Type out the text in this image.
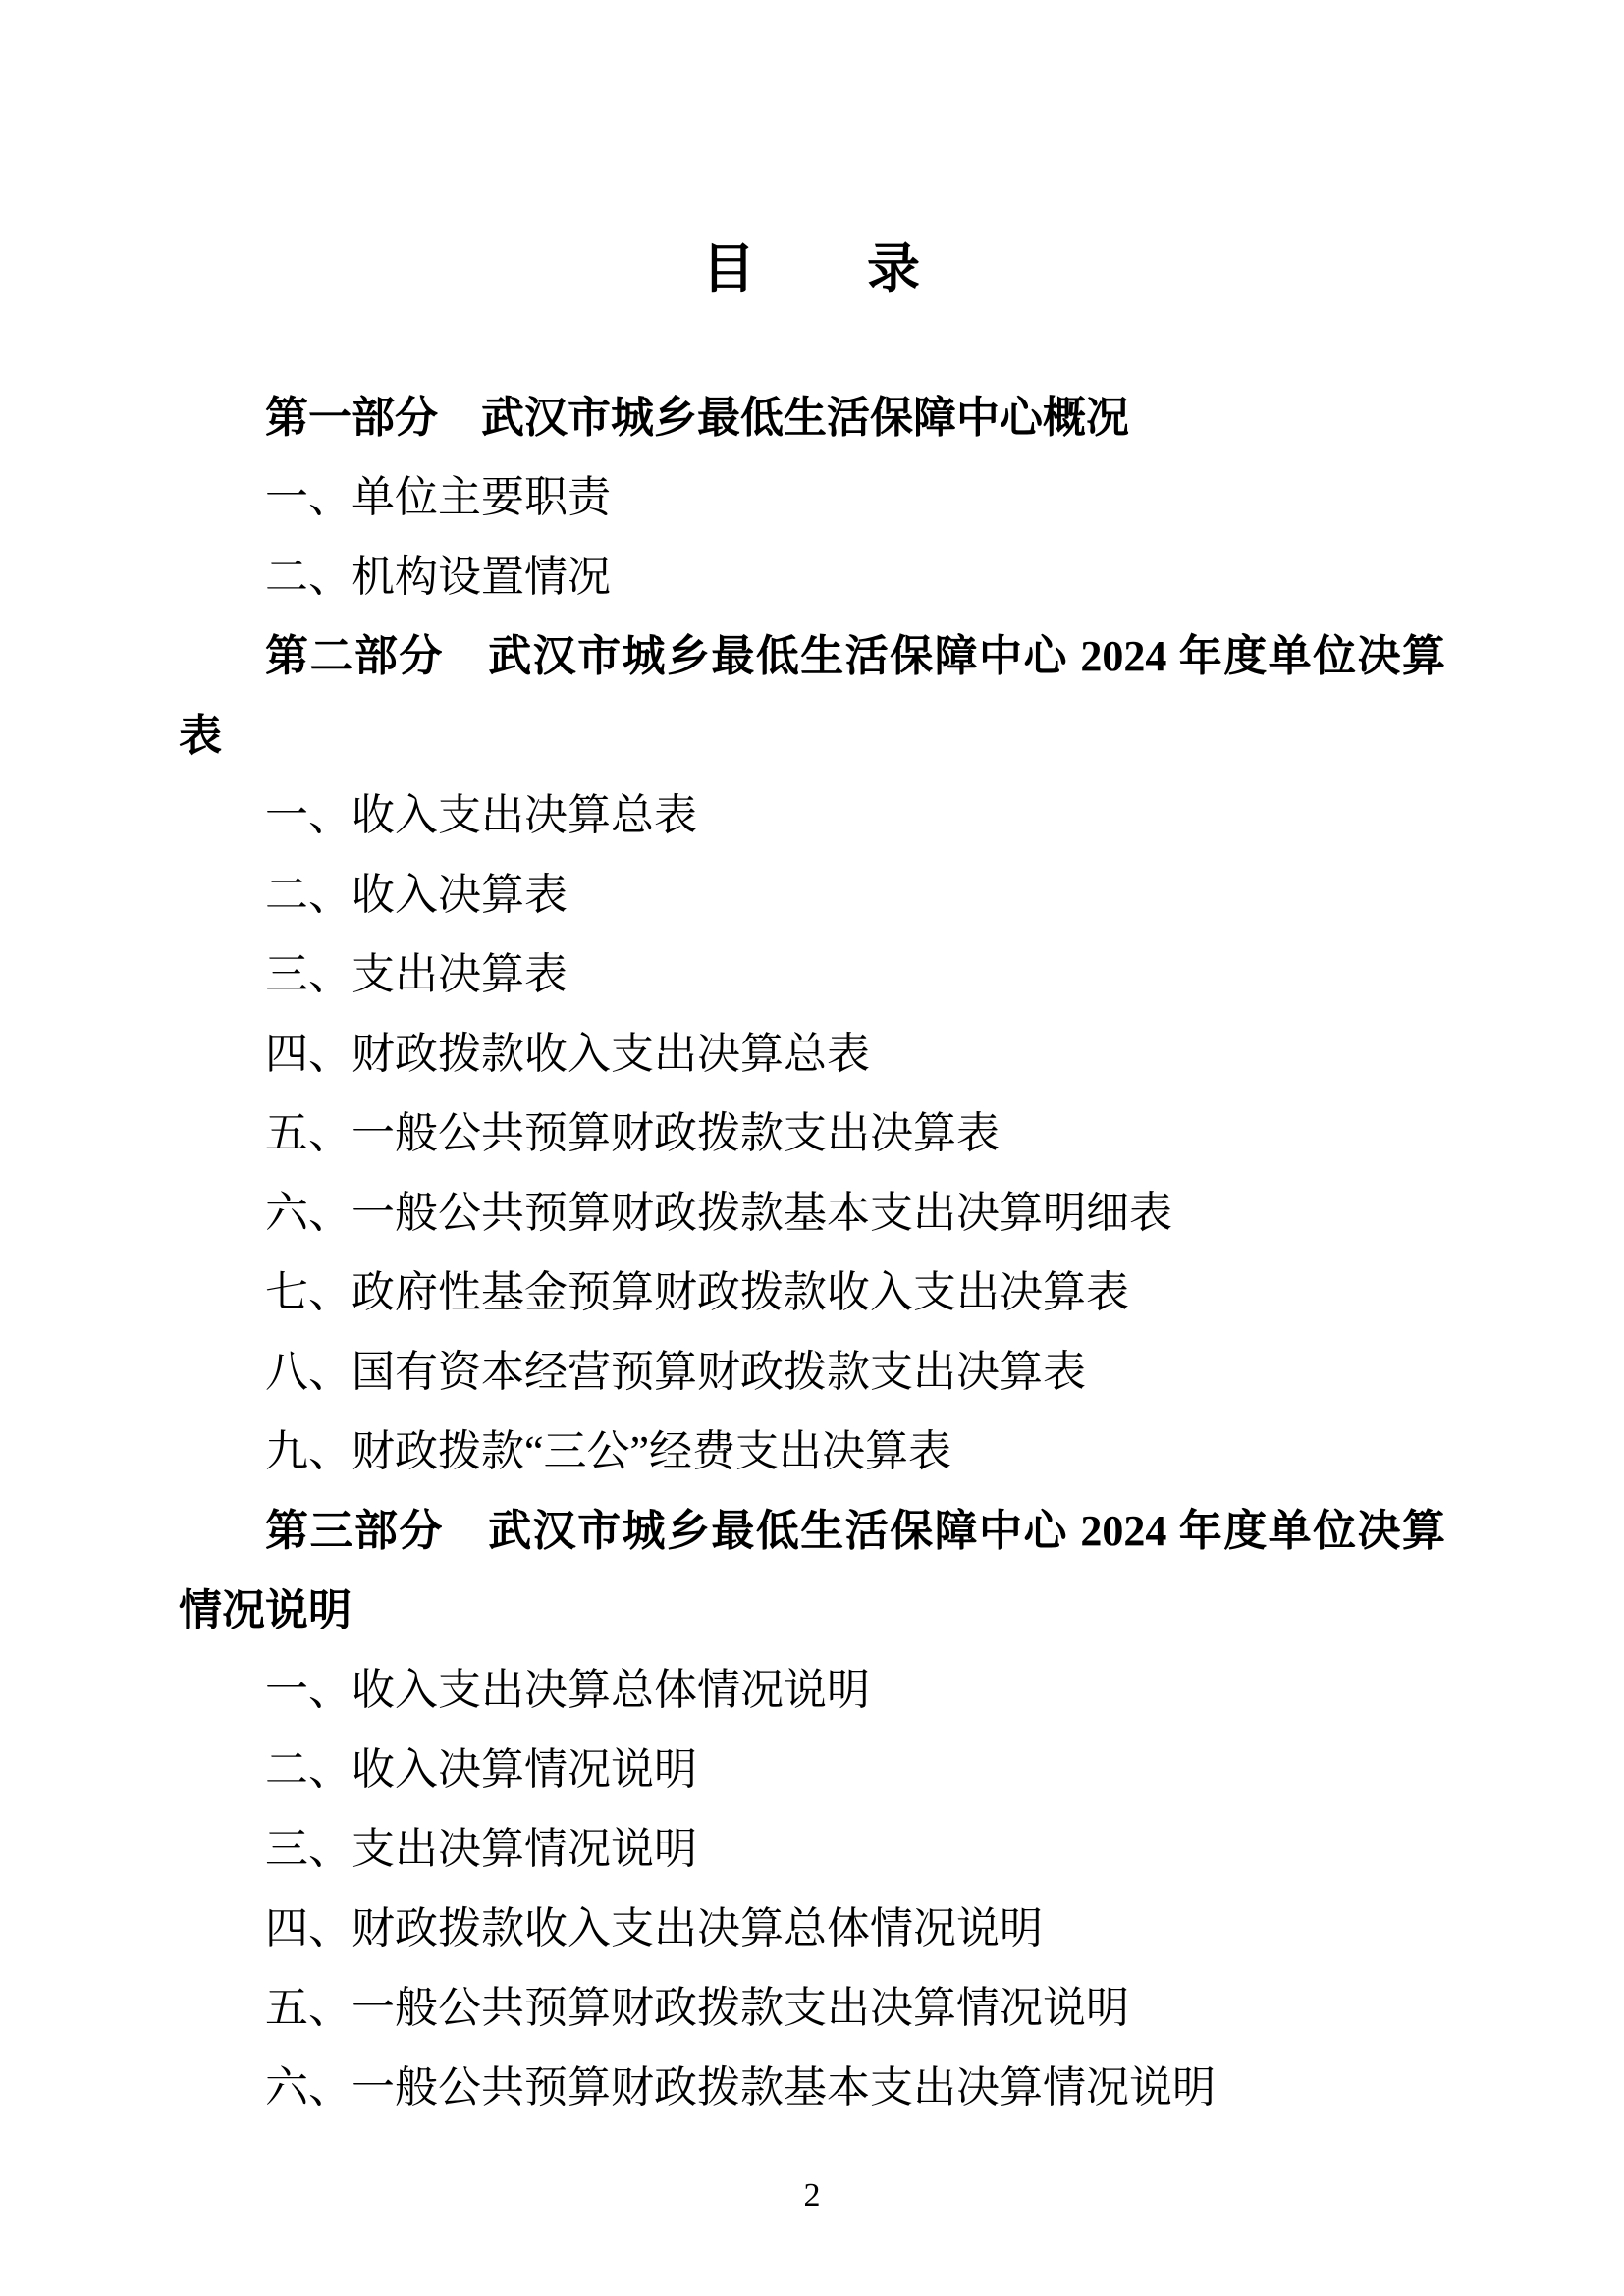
目　　录
第一部分　武汉市城乡最低生活保障中心概况
一、单位主要职责
二、机构设置情况
第二部分　武汉市城乡最低生活保障中心 2024 年度单位决算
表
一、收入支出决算总表
二、收入决算表
三、支出决算表
四、财政拨款收入支出决算总表
五、一般公共预算财政拨款支出决算表
六、一般公共预算财政拨款基本支出决算明细表
七、政府性基金预算财政拨款收入支出决算表
八、国有资本经营预算财政拨款支出决算表
九、财政拨款“三公”经费支出决算表
第三部分　武汉市城乡最低生活保障中心 2024 年度单位决算
情况说明
一、收入支出决算总体情况说明
二、收入决算情况说明
三、支出决算情况说明
四、财政拨款收入支出决算总体情况说明
五、一般公共预算财政拨款支出决算情况说明
六、一般公共预算财政拨款基本支出决算情况说明
2
